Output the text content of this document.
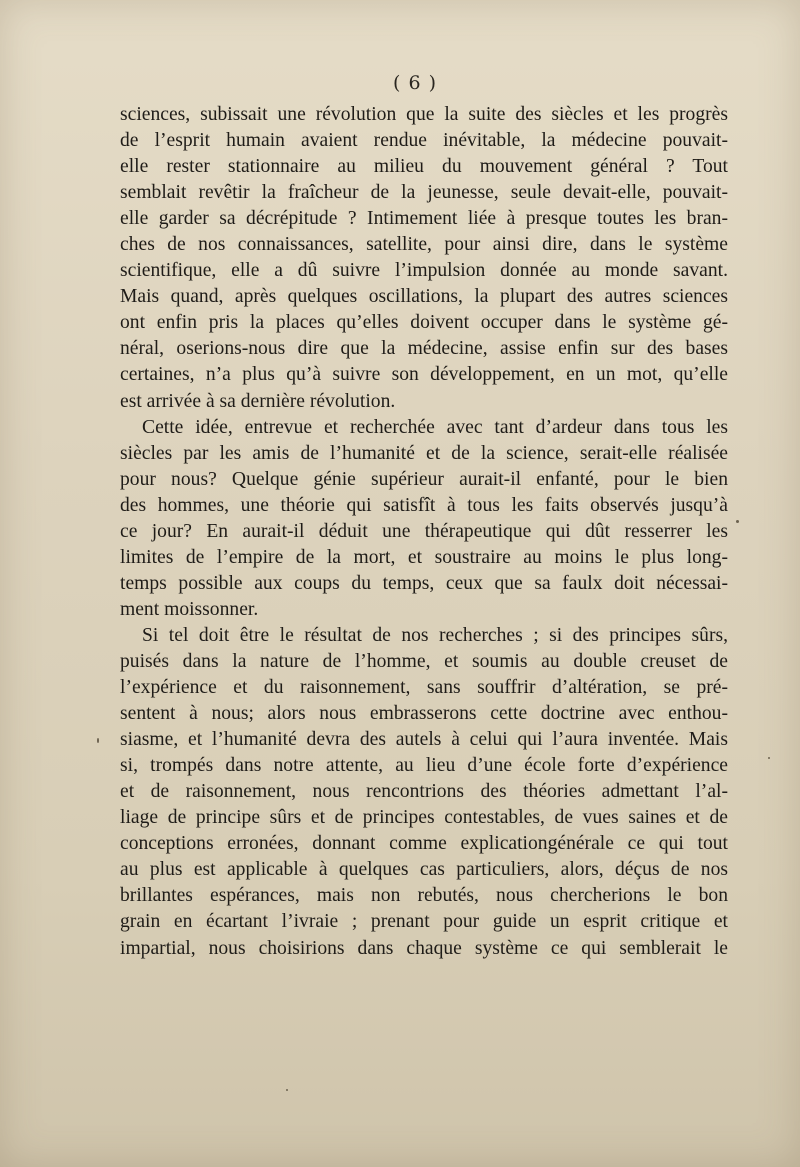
( 6 )
sciences, subissait une révolution que la suite des siècles et les progrès
de l’esprit humain avaient rendue inévitable, la médecine pouvait-
elle rester stationnaire au milieu du mouvement général ? Tout
semblait revêtir la fraîcheur de la jeunesse, seule devait-elle, pouvait-
elle garder sa décrépitude ? Intimement liée à presque toutes les bran-
ches de nos connaissances, satellite, pour ainsi dire, dans le système
scientifique, elle a dû suivre l’impulsion donnée au monde savant.
Mais quand, après quelques oscillations, la plupart des autres sciences
ont enfin pris la places qu’elles doivent occuper dans le système gé-
néral, oserions-nous dire que la médecine, assise enfin sur des bases
certaines, n’a plus qu’à suivre son développement, en un mot, qu’elle
est arrivée à sa dernière révolution.
Cette idée, entrevue et recherchée avec tant d’ardeur dans tous les
siècles par les amis de l’humanité et de la science, serait-elle réalisée
pour nous? Quelque génie supérieur aurait-il enfanté, pour le bien
des hommes, une théorie qui satisfît à tous les faits observés jusqu’à
ce jour? En aurait-il déduit une thérapeutique qui dût resserrer les
limites de l’empire de la mort, et soustraire au moins le plus long-
temps possible aux coups du temps, ceux que sa faulx doit nécessai-
ment moissonner.
Si tel doit être le résultat de nos recherches ; si des principes sûrs,
puisés dans la nature de l’homme, et soumis au double creuset de
l’expérience et du raisonnement, sans souffrir d’altération, se pré-
sentent à nous; alors nous embrasserons cette doctrine avec enthou-
siasme, et l’humanité devra des autels à celui qui l’aura inventée. Mais
si, trompés dans notre attente, au lieu d’une école forte d’expérience
et de raisonnement, nous rencontrions des théories admettant l’al-
liage de principe sûrs et de principes contestables, de vues saines et de
conceptions erronées, donnant comme explicationgénérale ce qui tout
au plus est applicable à quelques cas particuliers, alors, déçus de nos
brillantes espérances, mais non rebutés, nous chercherions le bon
grain en écartant l’ivraie ; prenant pour guide un esprit critique et
impartial, nous choisirions dans chaque système ce qui semblerait le
